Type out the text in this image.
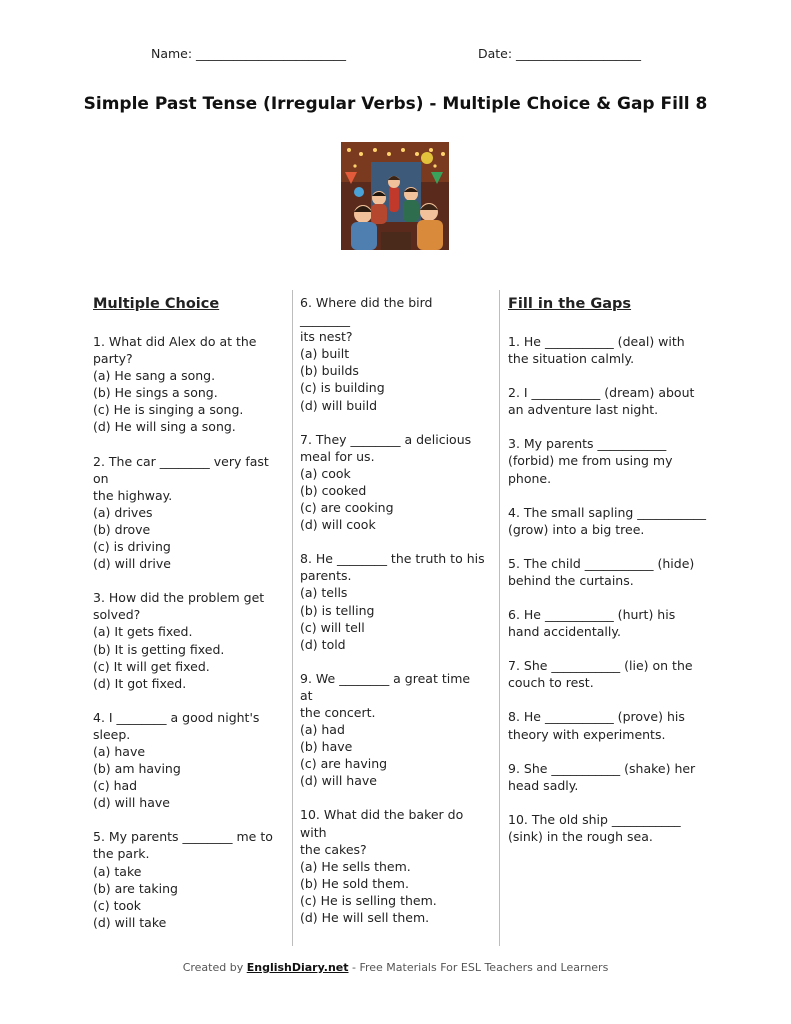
Name: ________________________	Date: ____________________
Simple Past Tense (Irregular Verbs) - Multiple Choice & Gap Fill 8
Multiple Choice
1. What did Alex do at the
party?
(a) He sang a song.
(b) He sings a song.
(c) He is singing a song.
(d) He will sing a song.
2. The car ________ very fast on
the highway.
(a) drives
(b) drove
(c) is driving
(d) will drive
3. How did the problem get
solved?
(a) It gets fixed.
(b) It is getting fixed.
(c) It will get fixed.
(d) It got fixed.
4. I ________ a good night's
sleep.
(a) have
(b) am having
(c) had
(d) will have
5. My parents ________ me to
the park.
(a) take
(b) are taking
(c) took
(d) will take
6. Where did the bird ________
its nest?
(a) built
(b) builds
(c) is building
(d) will build
7. They ________ a delicious
meal for us.
(a) cook
(b) cooked
(c) are cooking
(d) will cook
8. He ________ the truth to his
parents.
(a) tells
(b) is telling
(c) will tell
(d) told
9. We ________ a great time at
the concert.
(a) had
(b) have
(c) are having
(d) will have
10. What did the baker do with
the cakes?
(a) He sells them.
(b) He sold them.
(c) He is selling them.
(d) He will sell them.
Fill in the Gaps
1. He ___________ (deal) with
the situation calmly.
2. I ___________ (dream) about
an adventure last night.
3. My parents ___________
(forbid) me from using my
phone.
4. The small sapling ___________
(grow) into a big tree.
5. The child ___________ (hide)
behind the curtains.
6. He ___________ (hurt) his
hand accidentally.
7. She ___________ (lie) on the
couch to rest.
8. He ___________ (prove) his
theory with experiments.
9. She ___________ (shake) her
head sadly.
10. The old ship ___________
(sink) in the rough sea.
Created by EnglishDiary.net - Free Materials For ESL Teachers and Learners
